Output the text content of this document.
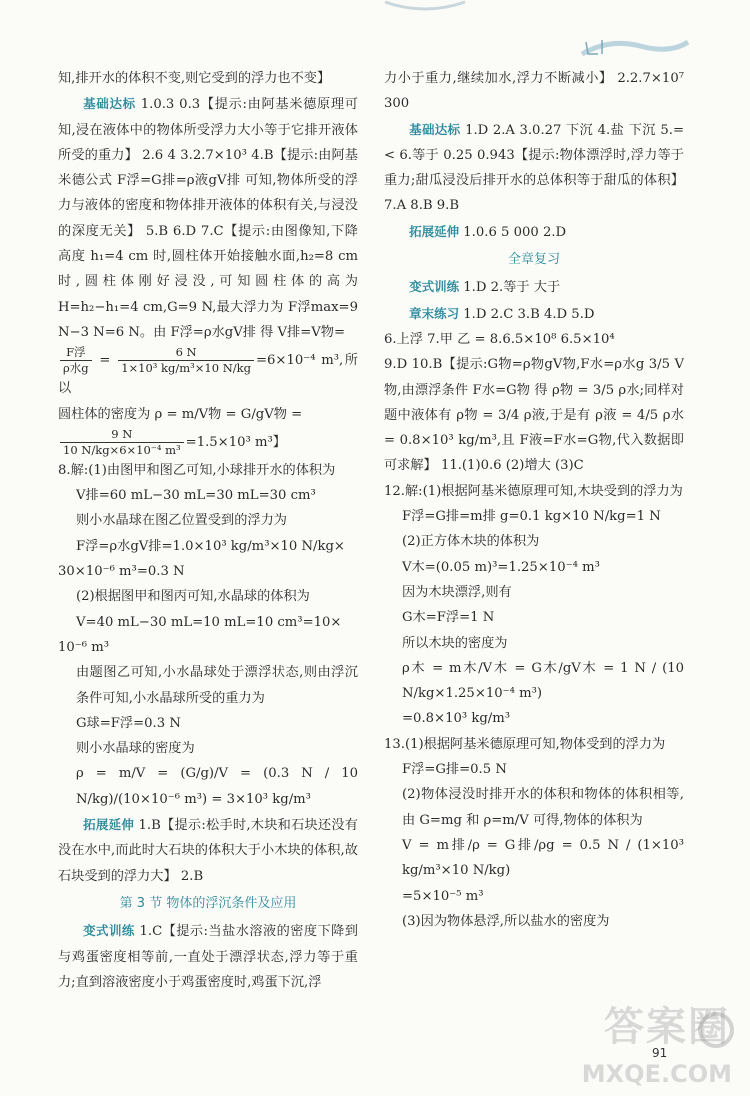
知,排开水的体积不变,则它受到的浮力也不变】

基础达标 1.0.3 0.3【提示:由阿基米德原理可知,浸在液体中的物体所受浮力大小等于它排开液体所受的重力】 2.6 4 3.2.7×10³ 4.B【提示:由阿基米德公式 F浮=G排=ρ液gV排 可知,物体所受的浮力与液体的密度和物体排开液体的体积有关,与浸没的深度无关】 5.B 6.D 7.C【提示:由图像知,下降高度 h₁=4 cm 时,圆柱体开始接触水面,h₂=8 cm时,圆柱体刚好浸没,可知圆柱体的高为 H=h₂−h₁=4 cm,G=9 N,最大浮力为 F浮max=9 N−3 N=6 N。由 F浮=ρ水gV排 得 V排=V物=

$\frac{\text{F浮}}{\text{ρ水g}} = \frac{6 N}{\text{1×10³ kg/m³×10 N/kg}} =6\times 10^{-4}$ m³,所以

圆柱体的密度为 ρ = m/V物 = G/gV物 =

$\frac{9 N}{\text{10 N/kg×6×10⁻⁴ m³}} =1.5\times 10^3$ m³】

8.解:(1)由图甲和图乙可知,小球排开水的体积为

V排=60 mL−30 mL=30 mL=30 cm³

则小水晶球在图乙位置受到的浮力为

F浮=ρ水gV排=1.0×10³ kg/m³×10 N/kg×

30×10⁻⁶ m³=0.3 N

(2)根据图甲和图丙可知,水晶球的体积为

V=40 mL−30 mL=10 mL=10 cm³=10×

10⁻⁶ m³

由题图乙可知,小水晶球处于漂浮状态,则由浮沉条件可知,小水晶球所受的重力为

G球=F浮=0.3 N

则小水晶球的密度为

ρ = m/V = (G/g)/V = (0.3 N / 10 N/kg)/(10×10⁻⁶ m³) = 3×10³ kg/m³

拓展延伸 1.B【提示:松手时,木块和石块还没有没在水中,而此时大石块的体积大于小木块的体积,故石块受到的浮力大】 2.B

第 3 节 物体的浮沉条件及应用

变式训练 1.C【提示:当盐水溶液的密度下降到与鸡蛋密度相等前,一直处于漂浮状态,浮力等于重力;直到溶液密度小于鸡蛋密度时,鸡蛋下沉,浮

力小于重力,继续加水,浮力不断减小】 2.2.7×10⁷ 300

基础达标 1.D 2.A 3.0.27 下沉 4.盐 下沉 5.= < 6.等于 0.25 0.943【提示:物体漂浮时,浮力等于重力;甜瓜浸没后排开水的总体积等于甜瓜的体积】 7.A 8.B 9.B

拓展延伸 1.0.6 5 000 2.D

全章复习

变式训练 1.D 2.等于 大于

章末练习 1.D 2.C 3.B 4.D 5.D

6.上浮 7.甲 乙 = 8.6.5×10⁸ 6.5×10⁴

9.D 10.B【提示:G物=ρ物gV物,F水=ρ水g 3/5 V物,由漂浮条件 F水=G物 得 ρ物 = 3/5 ρ水;同样对题中液体有 ρ物 = 3/4 ρ液,于是有 ρ液 = 4/5 ρ水 = 0.8×10³ kg/m³,且 F液=F水=G物,代入数据即可求解】 11.(1)0.6 (2)增大 (3)C

12.解:(1)根据阿基米德原理可知,木块受到的浮力为

F浮=G排=m排 g=0.1 kg×10 N/kg=1 N

(2)正方体木块的体积为

V木=(0.05 m)³=1.25×10⁻⁴ m³

因为木块漂浮,则有

G木=F浮=1 N

所以木块的密度为

ρ木 = m木/V木 = G木/gV木 = 1 N / (10 N/kg×1.25×10⁻⁴ m³)

=0.8×10³ kg/m³

13.(1)根据阿基米德原理可知,物体受到的浮力为

F浮=G排=0.5 N

(2)物体浸没时排开水的体积和物体的体积相等,由 G=mg 和 ρ=m/V 可得,物体的体积为

V = m排/ρ = G排/ρg = 0.5 N / (1×10³ kg/m³×10 N/kg)

=5×10⁻⁵ m³

(3)因为物体悬浮,所以盐水的密度为

91
答案圈
MXQE.COM
